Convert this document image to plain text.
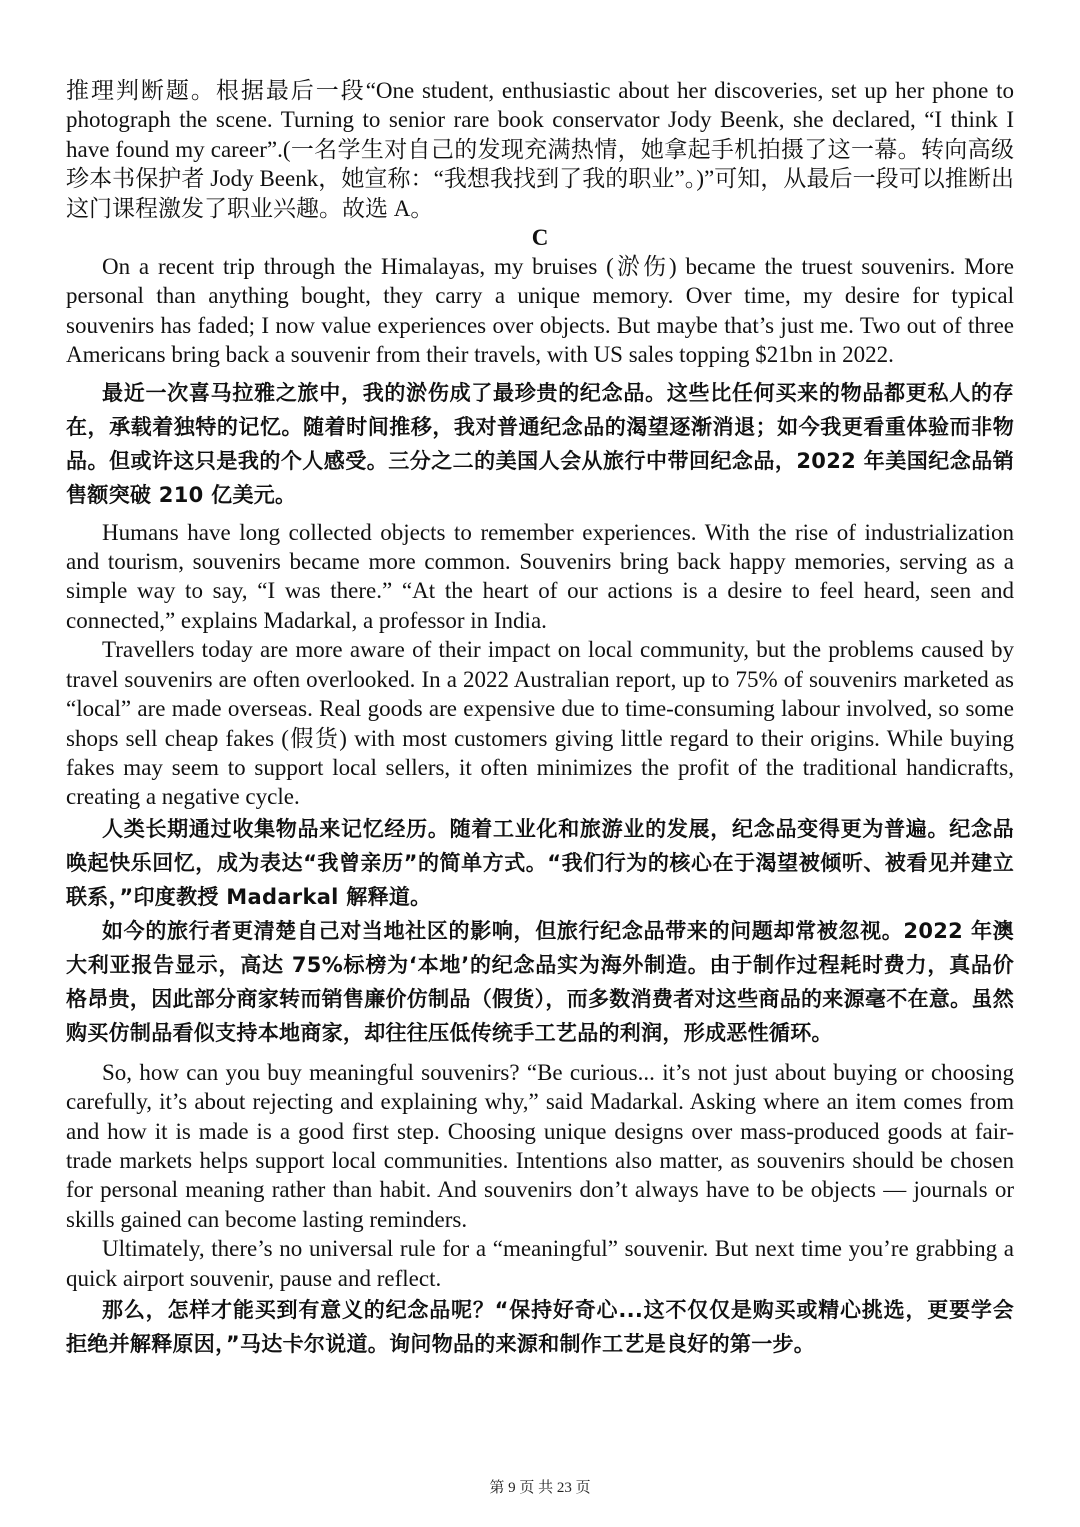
推理判断题。根据最后一段“One student, enthusiastic about her discoveries, set up her phone to photograph the scene. Turning to senior rare book conservator Jody Beenk, she declared, “I think I have found my career”.(一名学生对自己的发现充满热情，她拿起手机拍摄了这一幕。转向高级珍本书保护者 Jody Beenk，她宣称：“我想我找到了我的职业”。)”可知，从最后一段可以推断出这门课程激发了职业兴趣。故选 A。

C

On a recent trip through the Himalayas, my bruises (淤伤) became the truest souvenirs. More personal than anything bought, they carry a unique memory. Over time, my desire for typical souvenirs has faded; I now value experiences over objects. But maybe that’s just me. Two out of three Americans bring back a souvenir from their travels, with US sales topping $21bn in 2022.

最近一次喜马拉雅之旅中，我的淤伤成了最珍贵的纪念品。这些比任何买来的物品都更私人的存在，承载着独特的记忆。随着时间推移，我对普通纪念品的渴望逐渐消退；如今我更看重体验而非物品。但或许这只是我的个人感受。三分之二的美国人会从旅行中带回纪念品，2022 年美国纪念品销售额突破 210 亿美元。

Humans have long collected objects to remember experiences. With the rise of industrialization and tourism, souvenirs became more common. Souvenirs bring back happy memories, serving as a simple way to say, “I was there.” “At the heart of our actions is a desire to feel heard, seen and connected,” explains Madarkal, a professor in India.

Travellers today are more aware of their impact on local community, but the problems caused by travel souvenirs are often overlooked. In a 2022 Australian report, up to 75% of souvenirs marketed as “local” are made overseas. Real goods are expensive due to time-consuming labour involved, so some shops sell cheap fakes (假货) with most customers giving little regard to their origins. While buying fakes may seem to support local sellers, it often minimizes the profit of the traditional handicrafts, creating a negative cycle.

人类长期通过收集物品来记忆经历。随着工业化和旅游业的发展，纪念品变得更为普遍。纪念品唤起快乐回忆，成为表达“我曾亲历”的简单方式。“我们行为的核心在于渴望被倾听、被看见并建立联系，”印度教授 Madarkal 解释道。

如今的旅行者更清楚自己对当地社区的影响，但旅行纪念品带来的问题却常被忽视。2022 年澳大利亚报告显示，高达 75%标榜为‘本地’的纪念品实为海外制造。由于制作过程耗时费力，真品价格昂贵，因此部分商家转而销售廉价仿制品（假货），而多数消费者对这些商品的来源毫不在意。虽然购买仿制品看似支持本地商家，却往往压低传统手工艺品的利润，形成恶性循环。

So, how can you buy meaningful souvenirs? “Be curious... it’s not just about buying or choosing carefully, it’s about rejecting and explaining why,” said Madarkal. Asking where an item comes from and how it is made is a good first step. Choosing unique designs over mass-produced goods at fair-trade markets helps support local communities. Intentions also matter, as souvenirs should be chosen for personal meaning rather than habit. And souvenirs don’t always have to be objects — journals or skills gained can become lasting reminders.

Ultimately, there’s no universal rule for a “meaningful” souvenir. But next time you’re grabbing a quick airport souvenir, pause and reflect.

那么，怎样才能买到有意义的纪念品呢？“保持好奇心...这不仅仅是购买或精心挑选，更要学会拒绝并解释原因，”马达卡尔说道。询问物品的来源和制作工艺是良好的第一步。

第 9 页 共 23 页
